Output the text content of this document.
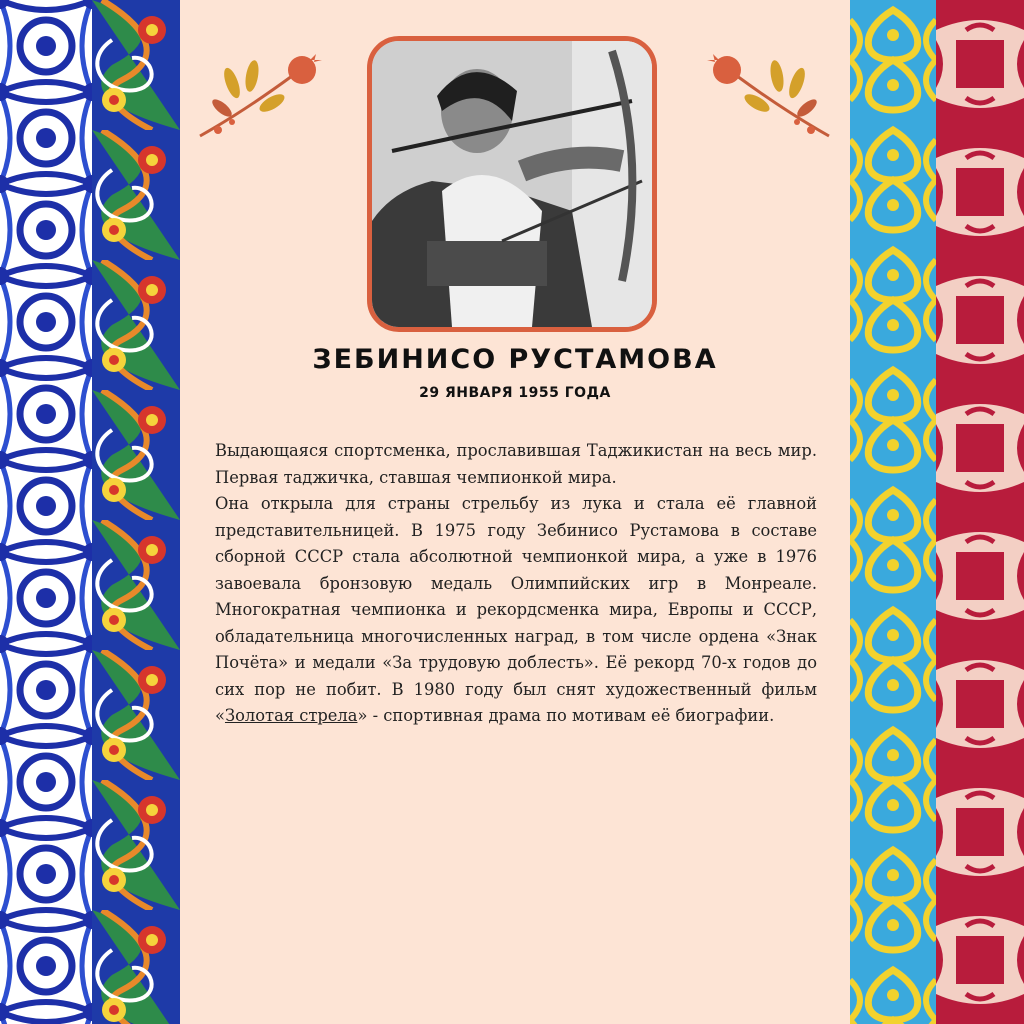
ЗЕБИНИСО РУСТАМОВА
29 ЯНВАРЯ 1955 ГОДА

Выдающаяся спортсменка, прославившая Таджикистан на весь мир. Первая таджичка, ставшая чемпионкой мира.

Она открыла для страны стрельбу из лука и стала её главной представительницей. В 1975 году Зебинисо Рустамова в составе сборной СССР стала абсолютной чемпионкой мира, а уже в 1976 завоевала бронзовую медаль Олимпийских игр в Монреале. Многократная чемпионка и рекордсменка мира, Европы и СССР, обладательница многочисленных наград, в том числе ордена «Знак Почёта» и медали «За трудовую доблесть». Её рекорд 70-х годов до сих пор не побит. В 1980 году был снят художественный фильм «Золотая стрела» - спортивная драма по мотивам её биографии.
